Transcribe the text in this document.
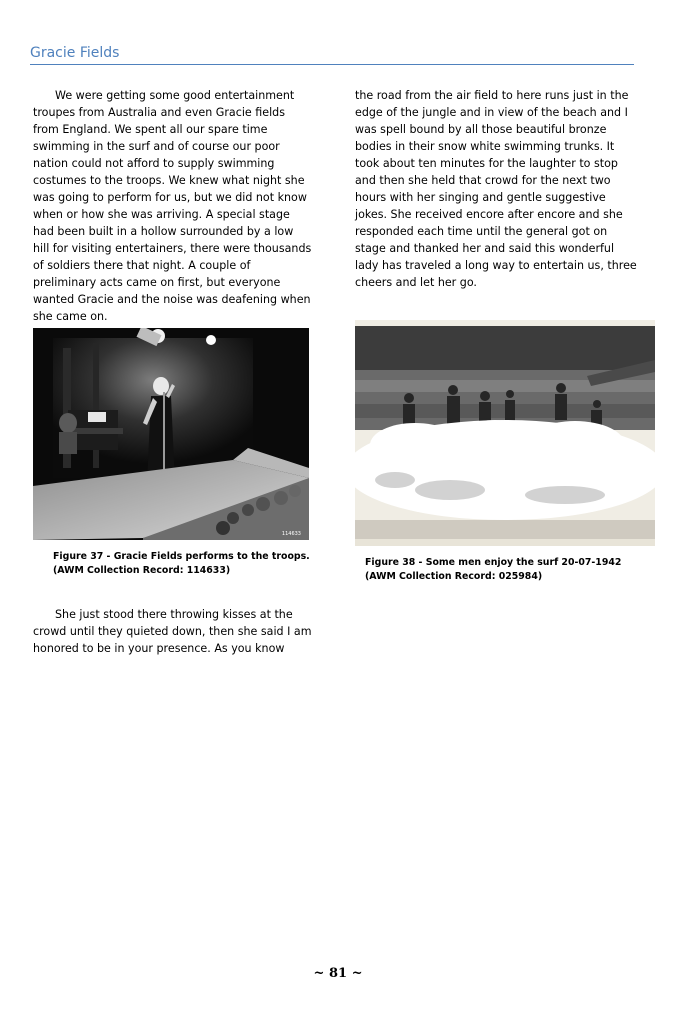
Gracie Fields

We were getting some good entertainment troupes from Australia and even Gracie fields from England. We spent all our spare time swimming in the surf and of course our poor nation could not afford to supply swimming costumes to the troops. We knew what night she was going to perform for us, but we did not know when or how she was arriving. A special stage had been built in a hollow surrounded by a low hill for visiting entertainers, there were thousands of soldiers there that night. A couple of preliminary acts came on first, but everyone wanted Gracie and the noise was deafening when she came on.

the road from the air field to here runs just in the edge of the jungle and in view of the beach and I was spell bound by all those beautiful bronze bodies in their snow white swimming trunks. It took about ten minutes for the laughter to stop and then she held that crowd for the next two hours with her singing and gentle suggestive jokes. She received encore after encore and she responded each time until the general got on stage and thanked her and said this wonderful lady has traveled a long way to entertain us, three cheers and let her go.

114633
Figure 37 - Gracie Fields performs to the troops. (AWM Collection Record: 114633)
Figure 38 - Some men enjoy the surf 20-07-1942 (AWM Collection Record: 025984)

She just stood there throwing kisses at the crowd until they quieted down, then she said I am honored to be in your presence. As you know

~ 81 ~
